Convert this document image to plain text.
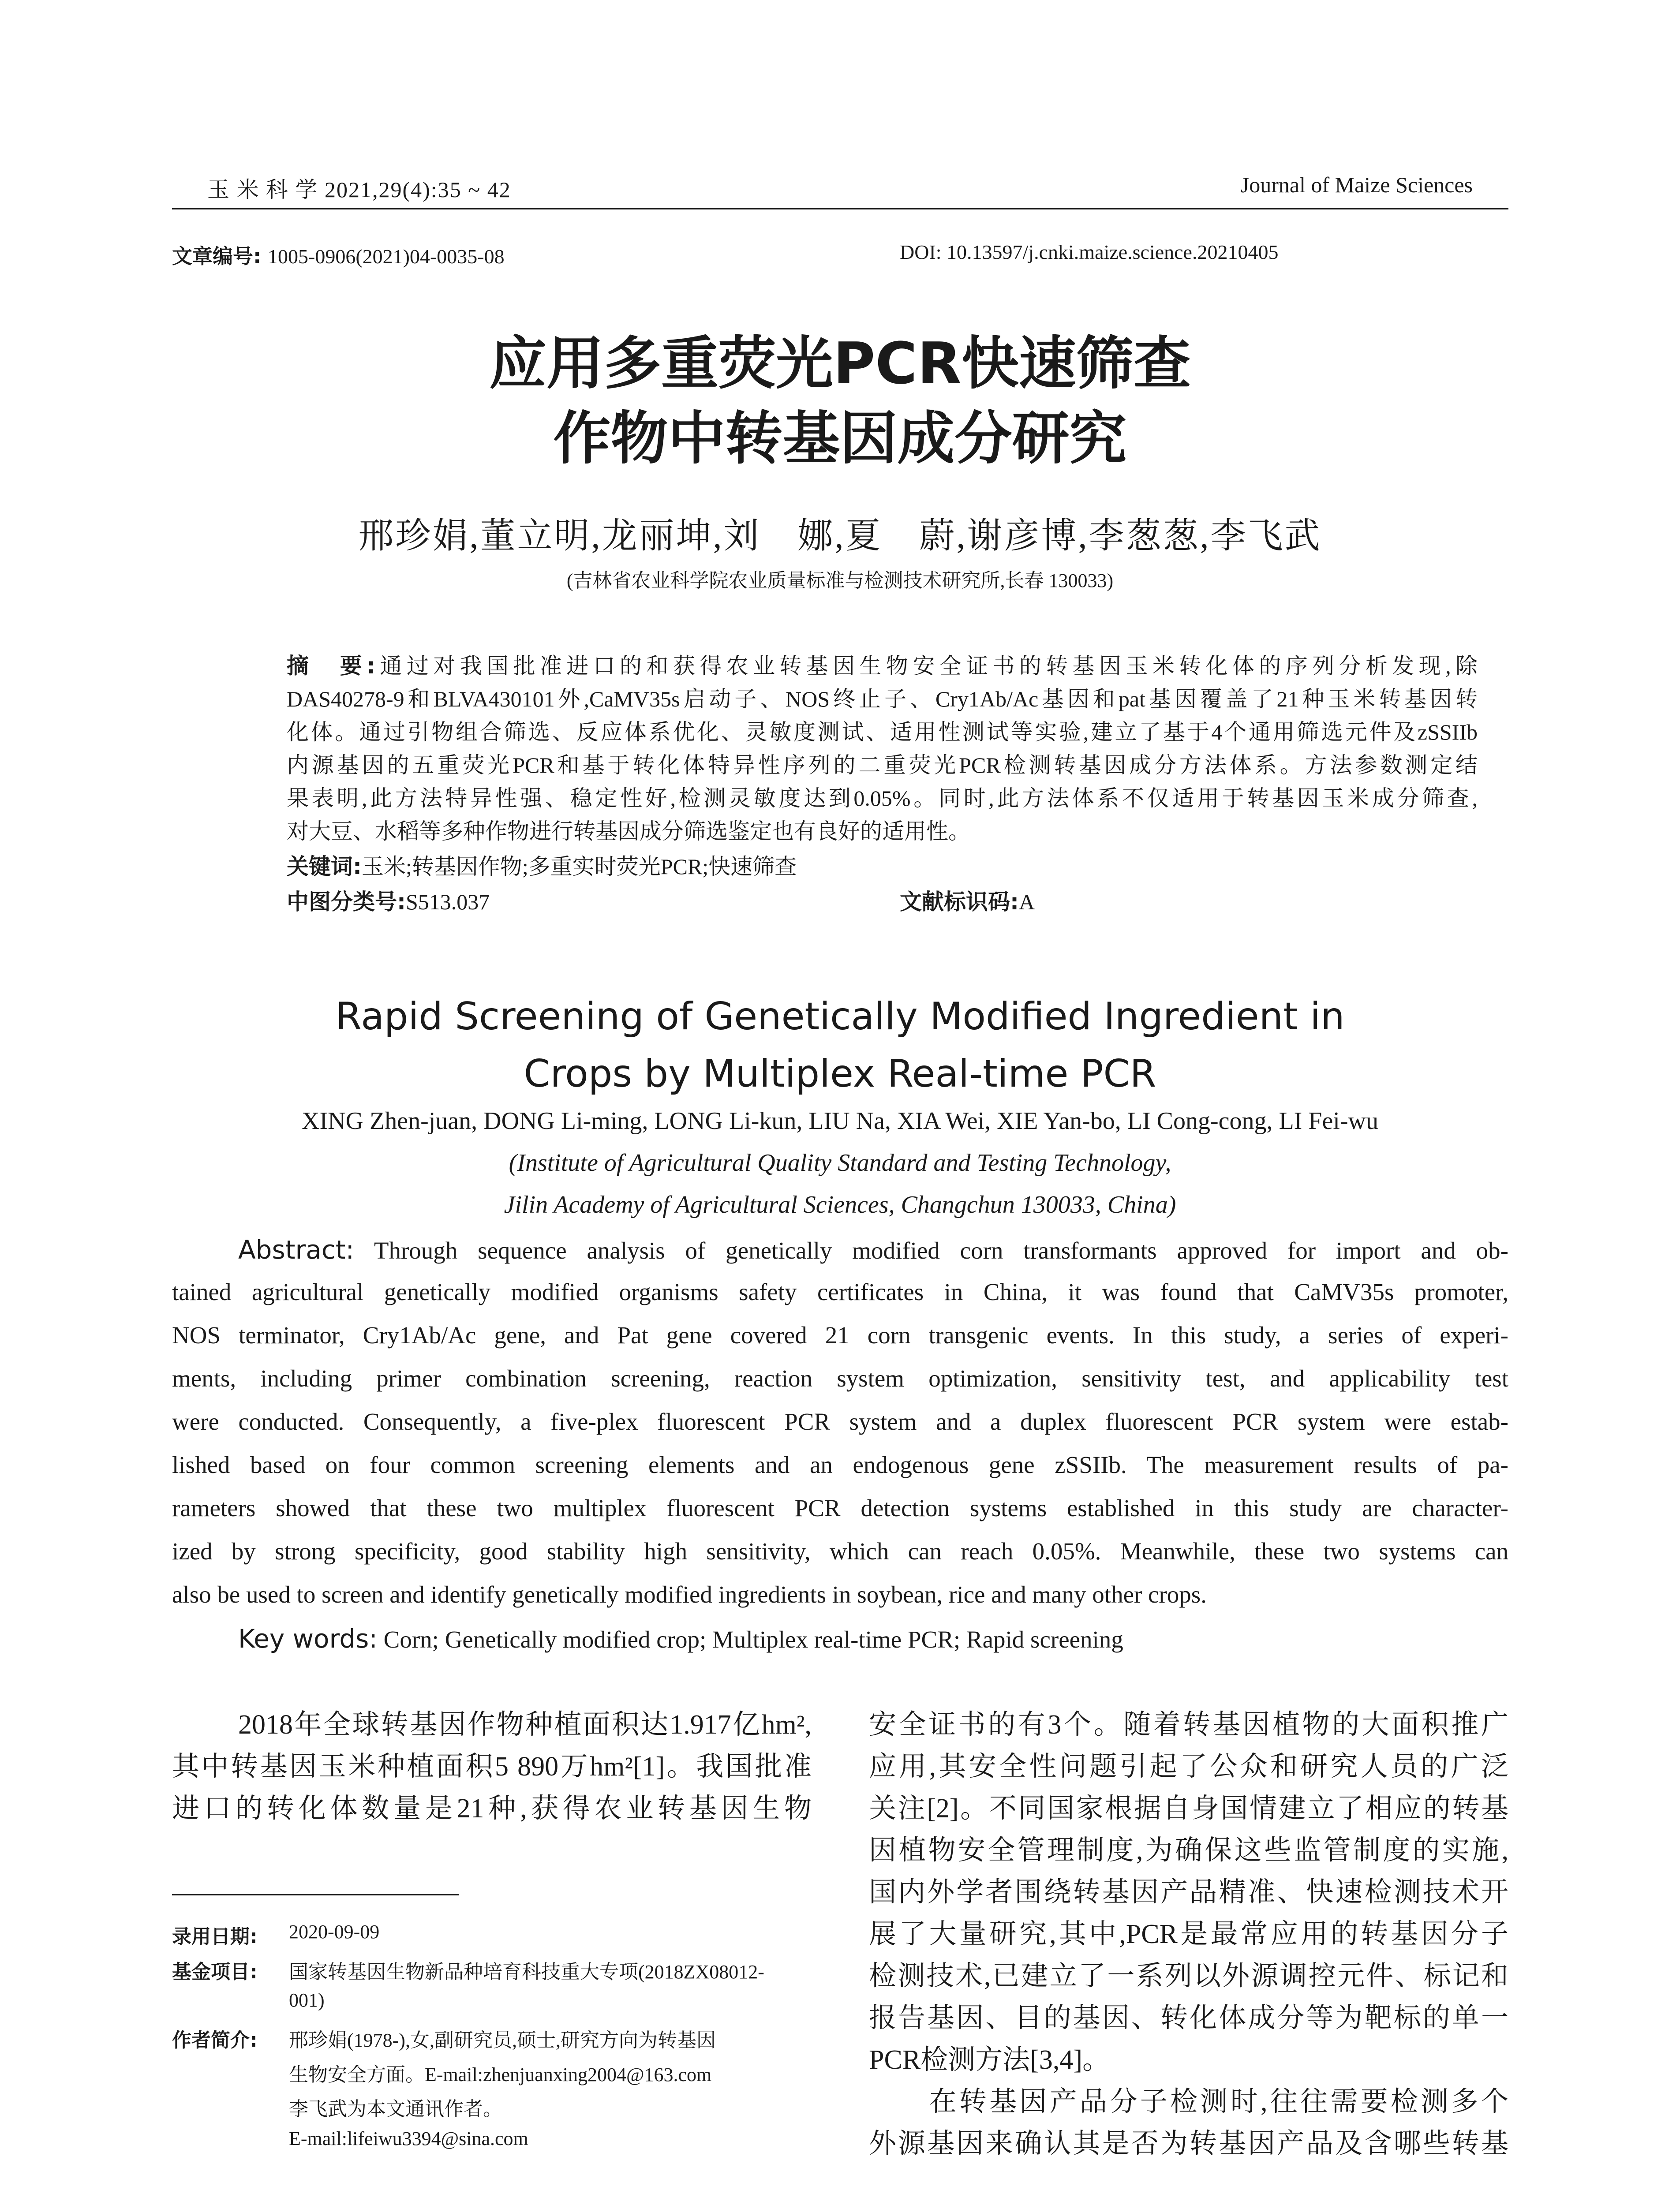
玉 米 科 学 2021,29(4):35 ~ 42	Journal of Maize Sciences
文章编号: 1005-0906(2021)04-0035-08	DOI: 10.13597/j.cnki.maize.science.20210405
应用多重荧光PCR快速筛查
作物中转基因成分研究
邢珍娟,董立明,龙丽坤,刘　娜,夏　蔚,谢彦博,李葱葱,李飞武
(吉林省农业科学院农业质量标准与检测技术研究所,长春 130033)
摘　要:通过对我国批准进口的和获得农业转基因生物安全证书的转基因玉米转化体的序列分析发现,除
DAS40278-9和BLVA430101外,CaMV35s启动子、NOS终止子、Cry1Ab/Ac基因和pat基因覆盖了21种玉米转基因转
化体。通过引物组合筛选、反应体系优化、灵敏度测试、适用性测试等实验,建立了基于4个通用筛选元件及zSSIIb
内源基因的五重荧光PCR和基于转化体特异性序列的二重荧光PCR检测转基因成分方法体系。方法参数测定结
果表明,此方法特异性强、稳定性好,检测灵敏度达到0.05%。同时,此方法体系不仅适用于转基因玉米成分筛查,
对大豆、水稻等多种作物进行转基因成分筛选鉴定也有良好的适用性。
关键词:玉米;转基因作物;多重实时荧光PCR;快速筛查
中图分类号:S513.037	文献标识码:A
Rapid Screening of Genetically Modified Ingredient in
Crops by Multiplex Real-time PCR
XING Zhen-juan, DONG Li-ming, LONG Li-kun, LIU Na, XIA Wei, XIE Yan-bo, LI Cong-cong, LI Fei-wu
(Institute of Agricultural Quality Standard and Testing Technology,
Jilin Academy of Agricultural Sciences, Changchun 130033, China)
Abstract: Through sequence analysis of genetically modified corn transformants approved for import and ob-
tained agricultural genetically modified organisms safety certificates in China, it was found that CaMV35s promoter,
NOS terminator, Cry1Ab/Ac gene, and Pat gene covered 21 corn transgenic events. In this study, a series of experi-
ments, including primer combination screening, reaction system optimization, sensitivity test, and applicability test
were conducted. Consequently, a five-plex fluorescent PCR system and a duplex fluorescent PCR system were estab-
lished based on four common screening elements and an endogenous gene zSSIIb. The measurement results of pa-
rameters showed that these two multiplex fluorescent PCR detection systems established in this study are character-
ized by strong specificity, good stability high sensitivity, which can reach 0.05%. Meanwhile, these two systems can
also be used to screen and identify genetically modified ingredients in soybean, rice and many other crops.
Key words: Corn; Genetically modified crop; Multiplex real-time PCR; Rapid screening
2018年全球转基因作物种植面积达1.917亿hm²,
其中转基因玉米种植面积5 890万hm²[1]。我国批准
进口的转化体数量是21种,获得农业转基因生物
录用日期: 2020-09-09
基金项目: 国家转基因生物新品种培育科技重大专项(2018ZX08012-
001)
作者简介: 邢珍娟(1978-),女,副研究员,硕士,研究方向为转基因
生物安全方面。E-mail:zhenjuanxing2004@163.com
李飞武为本文通讯作者。
E-mail:lifeiwu3394@sina.com
安全证书的有3个。随着转基因植物的大面积推广
应用,其安全性问题引起了公众和研究人员的广泛
关注[2]。不同国家根据自身国情建立了相应的转基
因植物安全管理制度,为确保这些监管制度的实施,
国内外学者围绕转基因产品精准、快速检测技术开
展了大量研究,其中,PCR是最常应用的转基因分子
检测技术,已建立了一系列以外源调控元件、标记和
报告基因、目的基因、转化体成分等为靶标的单一
PCR检测方法[3,4]。
　　在转基因产品分子检测时,往往需要检测多个
外源基因来确认其是否为转基因产品及含哪些转基
